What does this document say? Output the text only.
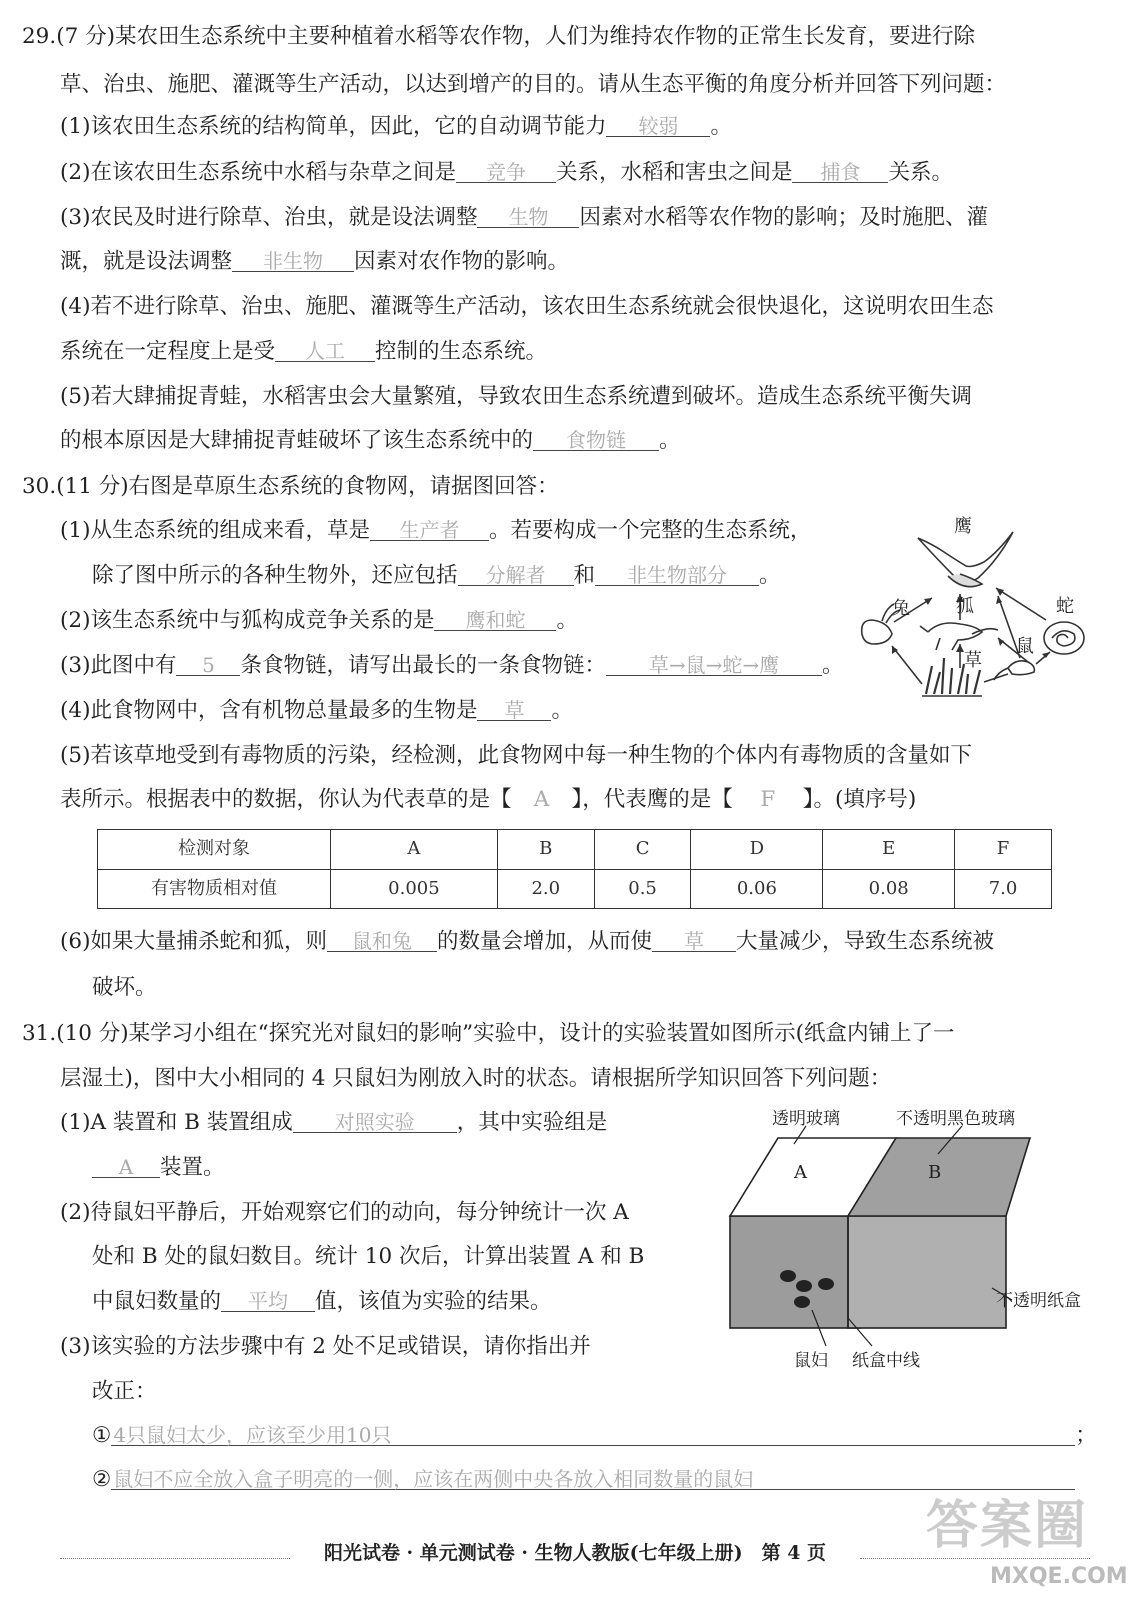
29.(7 分)某农田生态系统中主要种植着水稻等农作物，人们为维持农作物的正常生长发育，要进行除
草、治虫、施肥、灌溉等生产活动，以达到增产的目的。请从生态平衡的角度分析并回答下列问题：
(1)该农田生态系统的结构简单，因此，它的自动调节能力 较弱 。
(2)在该农田生态系统中水稻与杂草之间是 竞争 关系，水稻和害虫之间是 捕食 关系。
(3)农民及时进行除草、治虫，就是设法调整 生物 因素对水稻等农作物的影响；及时施肥、灌
溉，就是设法调整 非生物 因素对农作物的影响。
(4)若不进行除草、治虫、施肥、灌溉等生产活动，该农田生态系统就会很快退化，这说明农田生态
系统在一定程度上是受 人工 控制的生态系统。
(5)若大肆捕捉青蛙，水稻害虫会大量繁殖，导致农田生态系统遭到破坏。造成生态系统平衡失调
的根本原因是大肆捕捉青蛙破坏了该生态系统中的 食物链 。
30.(11 分)右图是草原生态系统的食物网，请据图回答：
(1)从生态系统的组成来看，草是 生产者 。若要构成一个完整的生态系统，
除了图中所示的各种生物外，还应包括 分解者 和 非生物部分 。
(2)该生态系统中与狐构成竞争关系的是 鹰和蛇 。
(3)此图中有 5 条食物链，请写出最长的一条食物链： 草→鼠→蛇→鹰 。
(4)此食物网中，含有机物总量最多的生物是 草 。
(5)若该草地受到有毒物质的污染，经检测，此食物网中每一种生物的个体内有毒物质的含量如下
表所示。根据表中的数据，你认为代表草的是【 A 】，代表鹰的是【 F 】。(填序号)
检测对象	A	B	C	D	E	F
有害物质相对值	0.005	2.0	0.5	0.06	0.08	7.0
(6)如果大量捕杀蛇和狐，则 鼠和兔 的数量会增加，从而使 草 大量减少，导致生态系统被
破坏。
鹰
兔	狐	蛇
草
鼠
31.(10 分)某学习小组在“探究光对鼠妇的影响”实验中，设计的实验装置如图所示(纸盒内铺上了一
层湿土)，图中大小相同的 4 只鼠妇为刚放入时的状态。请根据所学知识回答下列问题：
(1)A 装置和 B 装置组成 对照实验 ，其中实验组是
A 装置。
(2)待鼠妇平静后，开始观察它们的动向，每分钟统计一次 A
处和 B 处的鼠妇数目。统计 10 次后，计算出装置 A 和 B
中鼠妇数量的 平均 值，该值为实验的结果。
(3)该实验的方法步骤中有 2 处不足或错误，请你指出并
改正：
① 4只鼠妇太少，应该至少用10只	；
② 鼠妇不应全放入盒子明亮的一侧，应该在两侧中央各放入相同数量的鼠妇
透明玻璃	不透明黑色玻璃
A	B
不透明纸盒
鼠妇 纸盒中线
阳光试卷 · 单元测试卷 · 生物人教版(七年级上册)　第 4 页	答案圈
MXQE.COM
